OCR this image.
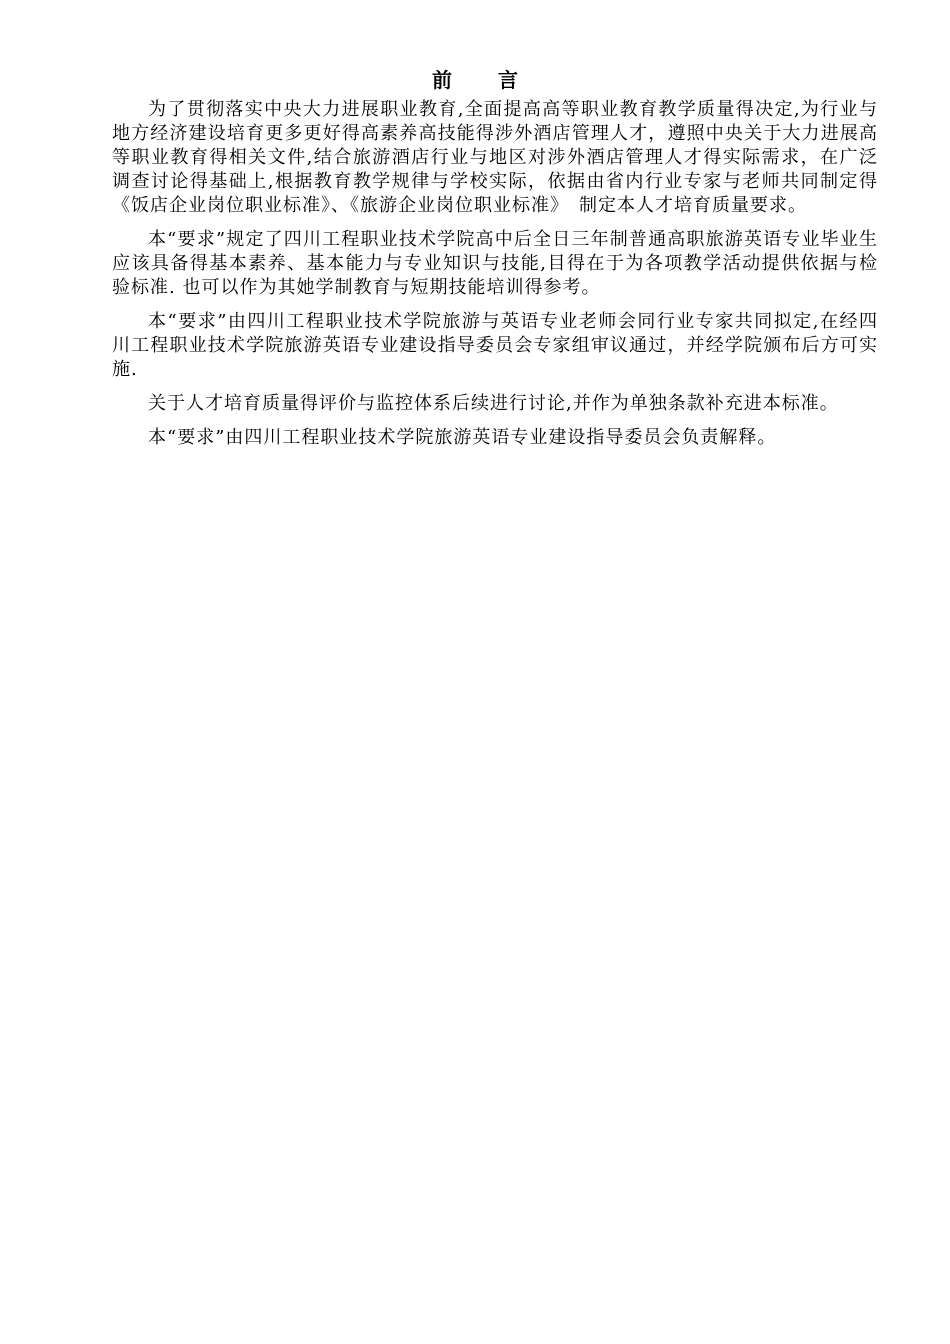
前 言

为了贯彻落实中央大力进展职业教育,全面提高高等职业教育教学质量得决定,为行业与地方经济建设培育更多更好得高素养高技能得涉外酒店管理人才，遵照中央关于大力进展高等职业教育得相关文件,结合旅游酒店行业与地区对涉外酒店管理人才得实际需求，在广泛调查讨论得基础上,根据教育教学规律与学校实际，依据由省内行业专家与老师共同制定得《饭店企业岗位职业标准》、《旅游企业岗位职业标准》　制定本人才培育质量要求。

本“要求”规定了四川工程职业技术学院高中后全日三年制普通高职旅游英语专业毕业生应该具备得基本素养、基本能力与专业知识与技能,目得在于为各项教学活动提供依据与检验标准. 也可以作为其她学制教育与短期技能培训得参考。

本“要求”由四川工程职业技术学院旅游与英语专业老师会同行业专家共同拟定,在经四川工程职业技术学院旅游英语专业建设指导委员会专家组审议通过，并经学院颁布后方可实施.

关于人才培育质量得评价与监控体系后续进行讨论,并作为单独条款补充进本标准。

本“要求”由四川工程职业技术学院旅游英语专业建设指导委员会负责解释。
